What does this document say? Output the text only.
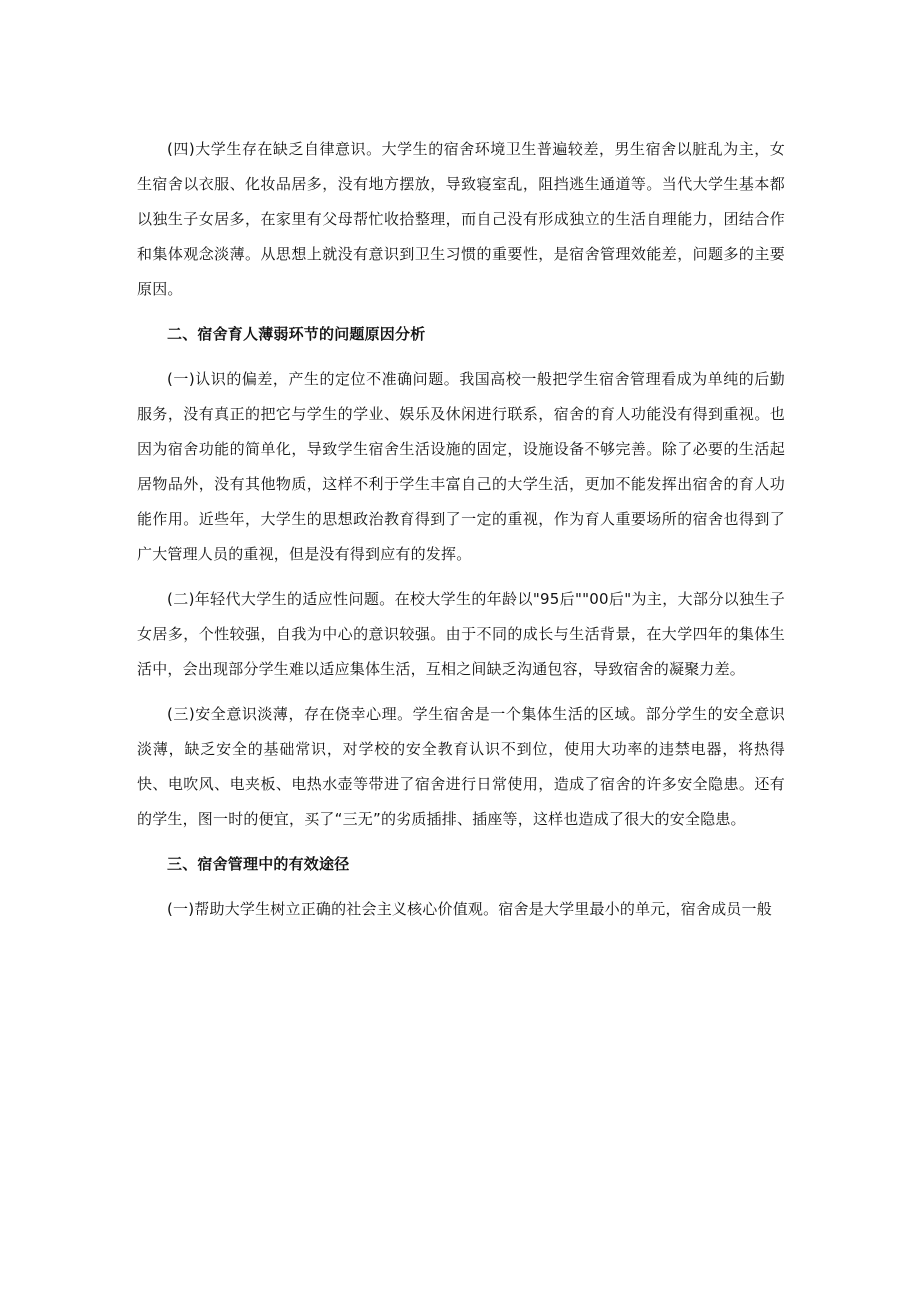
(四)大学生存在缺乏自律意识。大学生的宿舍环境卫生普遍较差，男生宿舍以脏乱为主，女生宿舍以衣服、化妆品居多，没有地方摆放，导致寝室乱，阻挡逃生通道等。当代大学生基本都以独生子女居多，在家里有父母帮忙收拾整理，而自己没有形成独立的生活自理能力，团结合作和集体观念淡薄。从思想上就没有意识到卫生习惯的重要性，是宿舍管理效能差，问题多的主要原因。

二、宿舍育人薄弱环节的问题原因分析

(一)认识的偏差，产生的定位不准确问题。我国高校一般把学生宿舍管理看成为单纯的后勤服务，没有真正的把它与学生的学业、娱乐及休闲进行联系，宿舍的育人功能没有得到重视。也因为宿舍功能的简单化，导致学生宿舍生活设施的固定，设施设备不够完善。除了必要的生活起居物品外，没有其他物质，这样不利于学生丰富自己的大学生活，更加不能发挥出宿舍的育人功能作用。近些年，大学生的思想政治教育得到了一定的重视，作为育人重要场所的宿舍也得到了广大管理人员的重视，但是没有得到应有的发挥。

(二)年轻代大学生的适应性问题。在校大学生的年龄以"95后""00后"为主，大部分以独生子女居多，个性较强，自我为中心的意识较强。由于不同的成长与生活背景，在大学四年的集体生活中，会出现部分学生难以适应集体生活，互相之间缺乏沟通包容，导致宿舍的凝聚力差。

(三)安全意识淡薄，存在侥幸心理。学生宿舍是一个集体生活的区域。部分学生的安全意识淡薄，缺乏安全的基础常识，对学校的安全教育认识不到位，使用大功率的违禁电器，将热得快、电吹风、电夹板、电热水壶等带进了宿舍进行日常使用，造成了宿舍的许多安全隐患。还有的学生，图一时的便宜，买了“三无”的劣质插排、插座等，这样也造成了很大的安全隐患。

三、宿舍管理中的有效途径

(一)帮助大学生树立正确的社会主义核心价值观。宿舍是大学里最小的单元，宿舍成员一般
